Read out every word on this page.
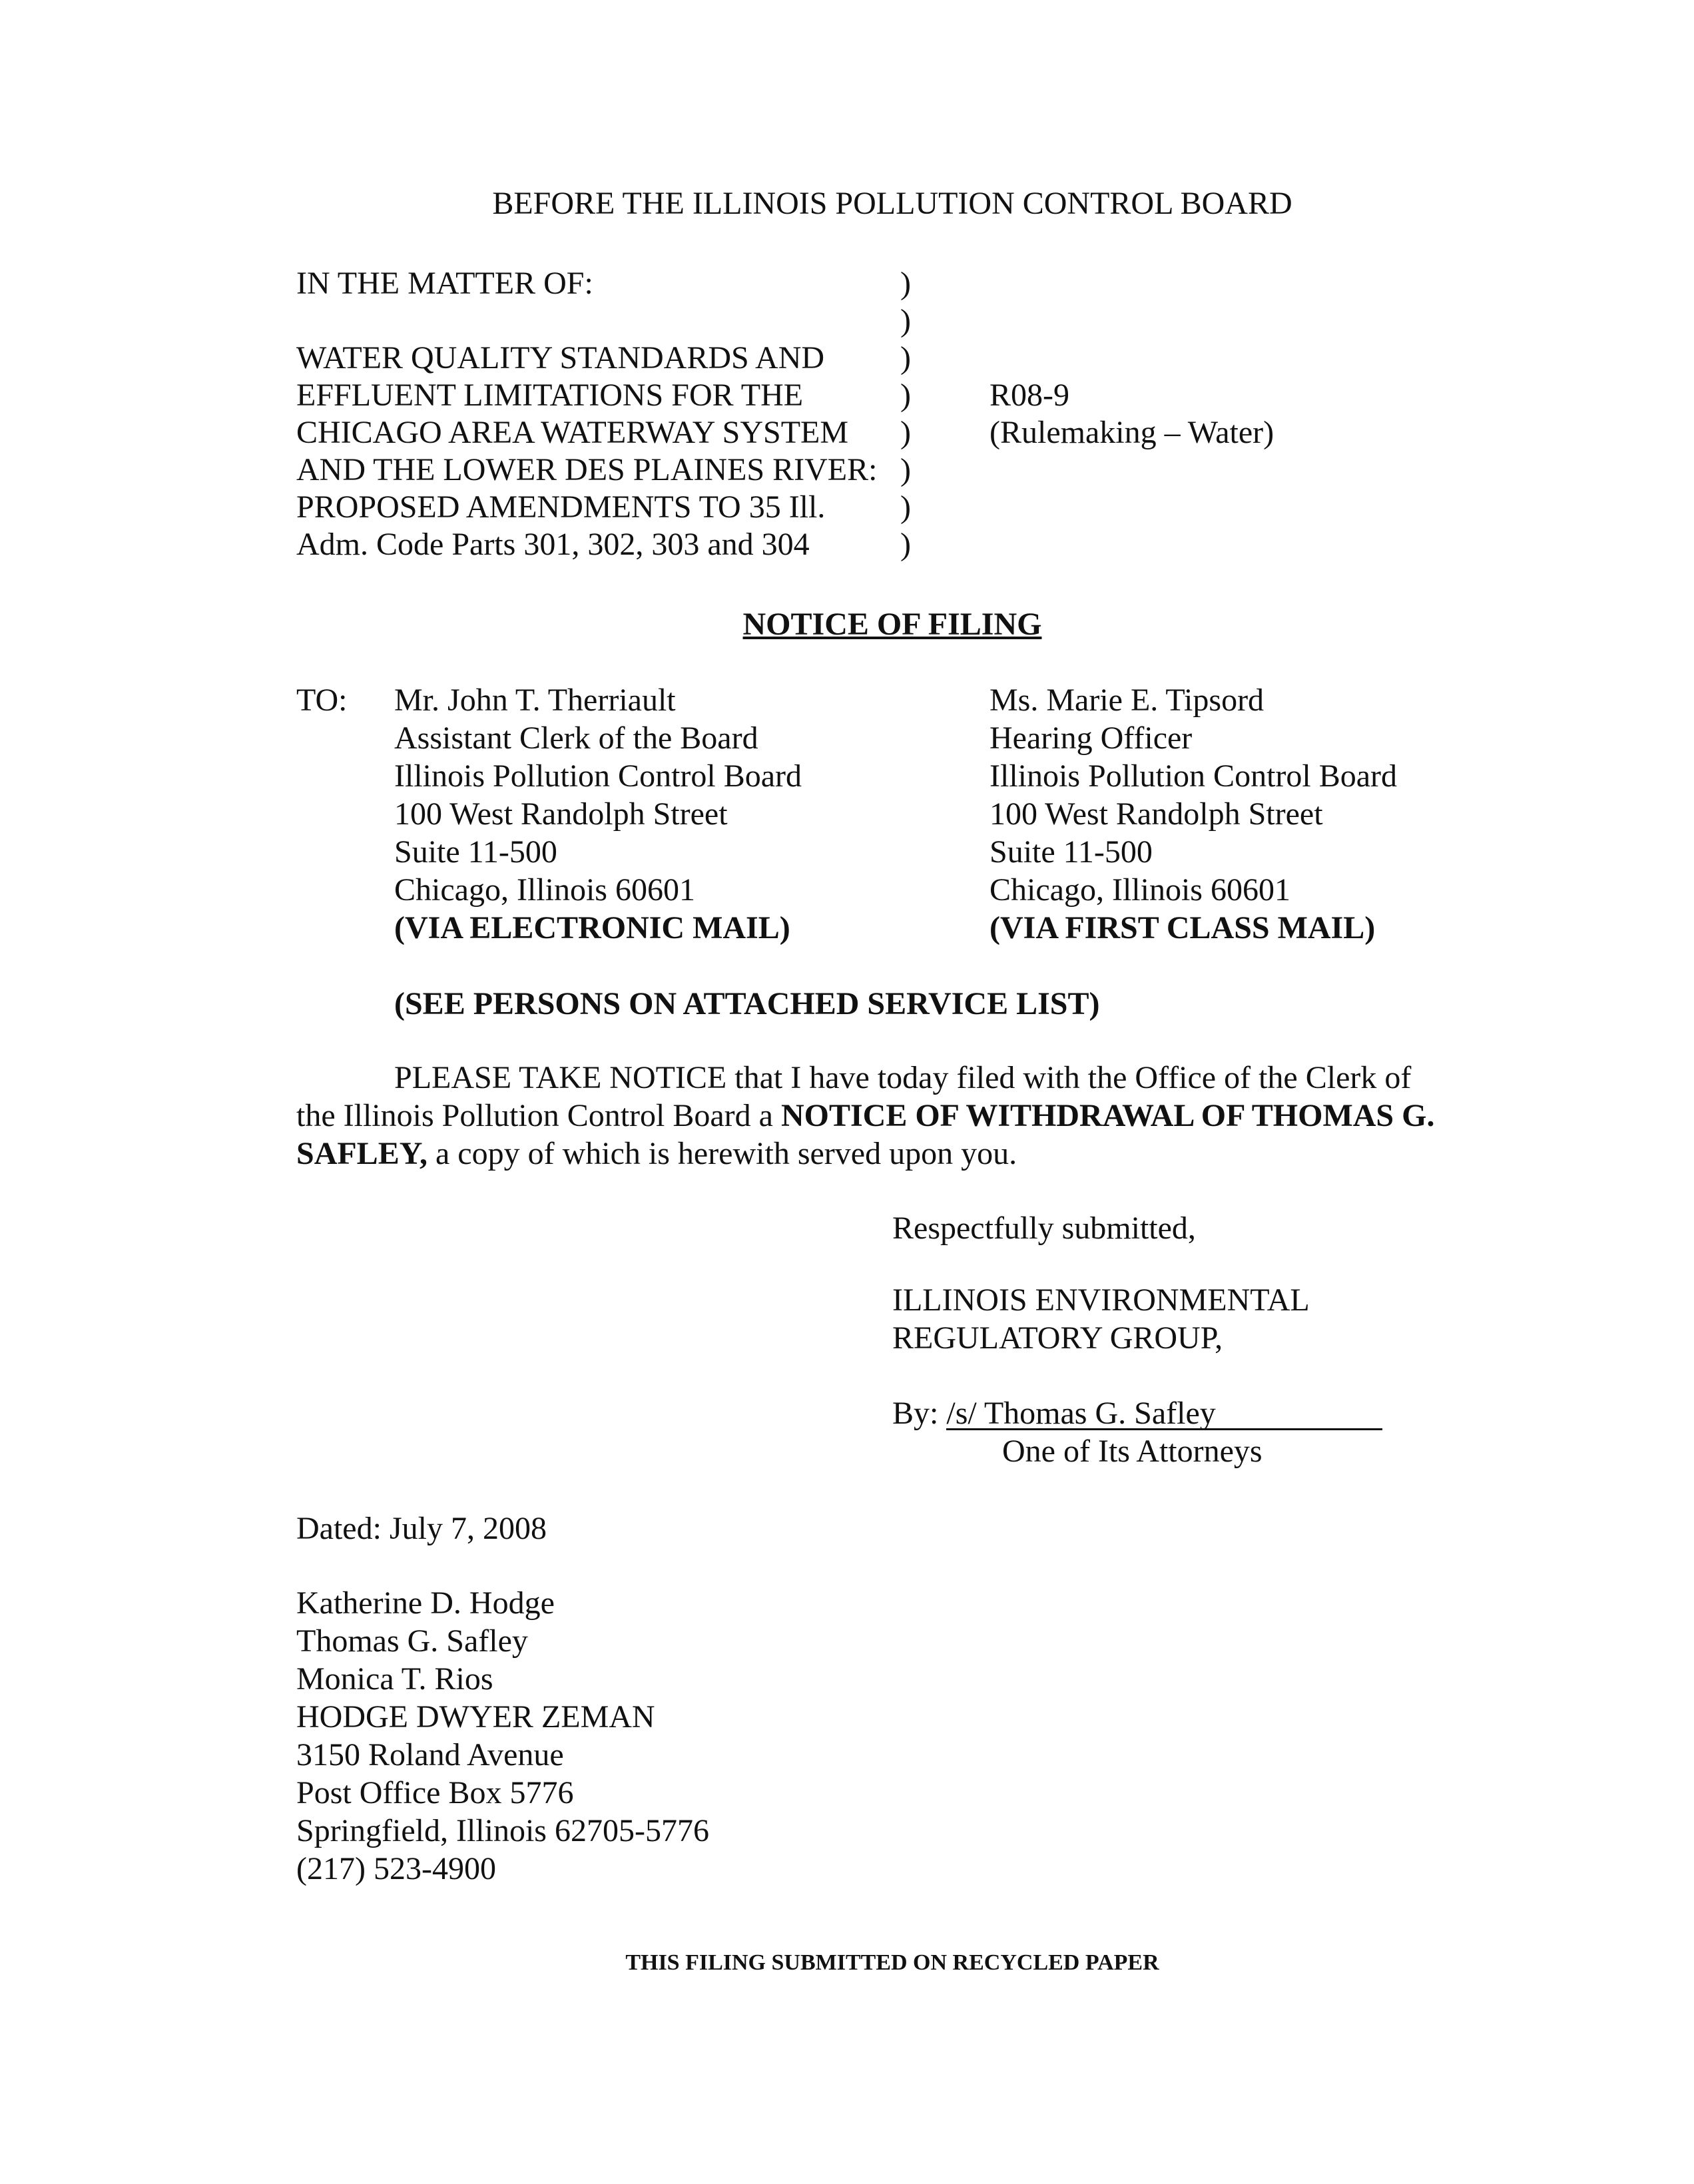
BEFORE THE ILLINOIS POLLUTION CONTROL BOARD
IN THE MATTER OF:
WATER QUALITY STANDARDS AND
EFFLUENT LIMITATIONS FOR THE
CHICAGO AREA WATERWAY SYSTEM
AND THE LOWER DES PLAINES RIVER:
PROPOSED AMENDMENTS TO 35 Ill.
Adm. Code Parts 301, 302, 303 and 304
)
)
)
)
)
)
)
)
R08-9
(Rulemaking – Water)
NOTICE OF FILING
TO: Mr. John T. Therriault
Assistant Clerk of the Board
Illinois Pollution Control Board
100 West Randolph Street
Suite 11-500
Chicago, Illinois 60601
(VIA ELECTRONIC MAIL)
Ms. Marie E. Tipsord
Hearing Officer
Illinois Pollution Control Board
100 West Randolph Street
Suite 11-500
Chicago, Illinois 60601
(VIA FIRST CLASS MAIL)
(SEE PERSONS ON ATTACHED SERVICE LIST)
PLEASE TAKE NOTICE that I have today filed with the Office of the Clerk of the Illinois Pollution Control Board a NOTICE OF WITHDRAWAL OF THOMAS G. SAFLEY, a copy of which is herewith served upon you.
Respectfully submitted,
ILLINOIS ENVIRONMENTAL
REGULATORY GROUP,
By: /s/ Thomas G. Safley
One of Its Attorneys
Dated: July 7, 2008
Katherine D. Hodge
Thomas G. Safley
Monica T. Rios
HODGE DWYER ZEMAN
3150 Roland Avenue
Post Office Box 5776
Springfield, Illinois 62705-5776
(217) 523-4900
THIS FILING SUBMITTED ON RECYCLED PAPER
